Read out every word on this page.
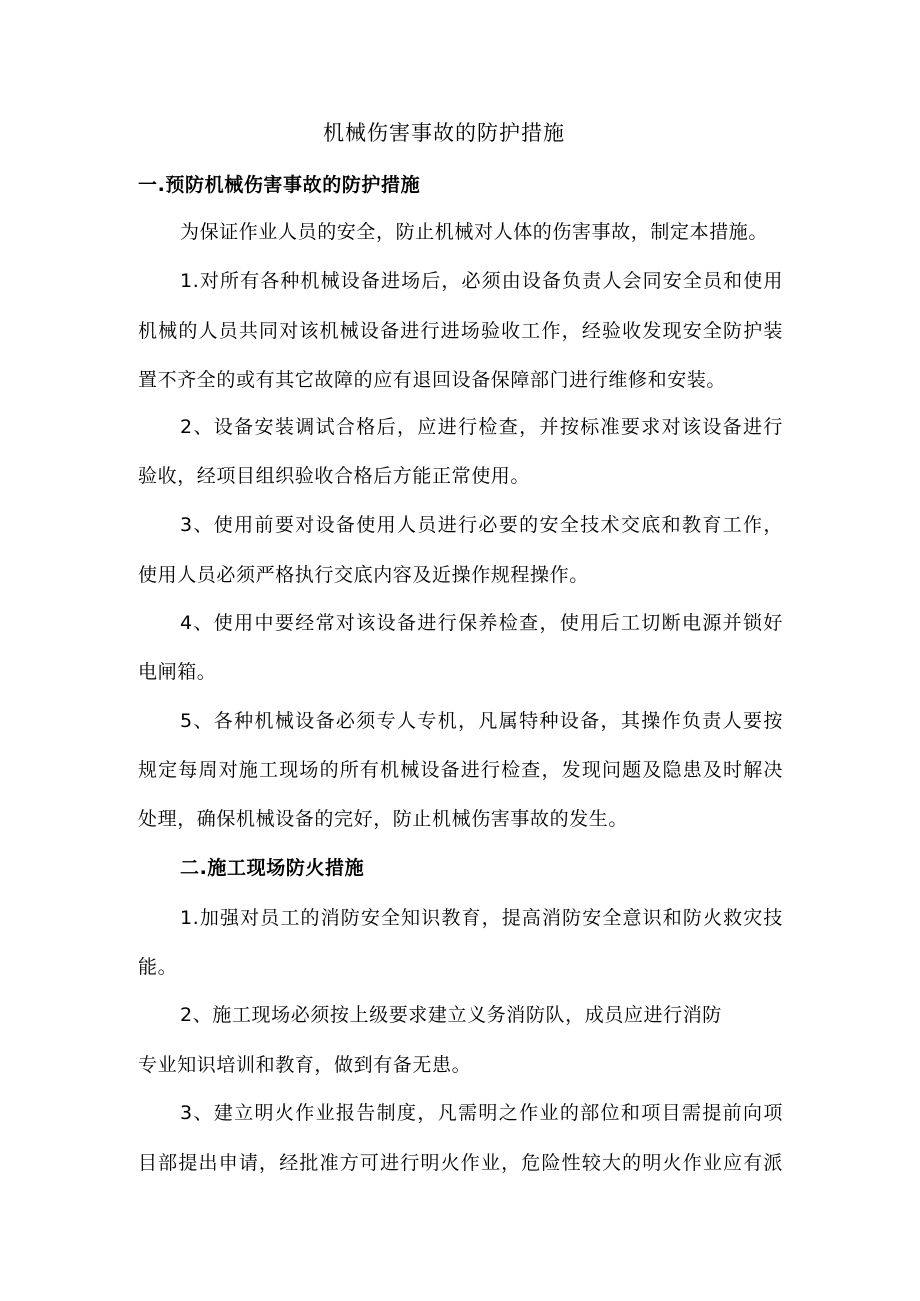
机械伤害事故的防护措施

一.预防机械伤害事故的防护措施

为保证作业人员的安全，防止机械对人体的伤害事故，制定本措施。

1.对所有各种机械设备进场后，必须由设备负责人会同安全员和使用

机械的人员共同对该机械设备进行进场验收工作，经验收发现安全防护装

置不齐全的或有其它故障的应有退回设备保障部门进行维修和安装。

2、设备安装调试合格后，应进行检查，并按标准要求对该设备进行

验收，经项目组织验收合格后方能正常使用。

3、使用前要对设备使用人员进行必要的安全技术交底和教育工作，

使用人员必须严格执行交底内容及近操作规程操作。

4、使用中要经常对该设备进行保养检查，使用后工切断电源并锁好

电闸箱。

5、各种机械设备必须专人专机，凡属特种设备，其操作负责人要按

规定每周对施工现场的所有机械设备进行检查，发现问题及隐患及时解决

处理，确保机械设备的完好，防止机械伤害事故的发生。

二.施工现场防火措施

1.加强对员工的消防安全知识教育，提高消防安全意识和防火救灾技

能。

2、施工现场必须按上级要求建立义务消防队，成员应进行消防

专业知识培训和教育，做到有备无患。

3、建立明火作业报告制度，凡需明之作业的部位和项目需提前向项

目部提出申请，经批准方可进行明火作业，危险性较大的明火作业应有派
